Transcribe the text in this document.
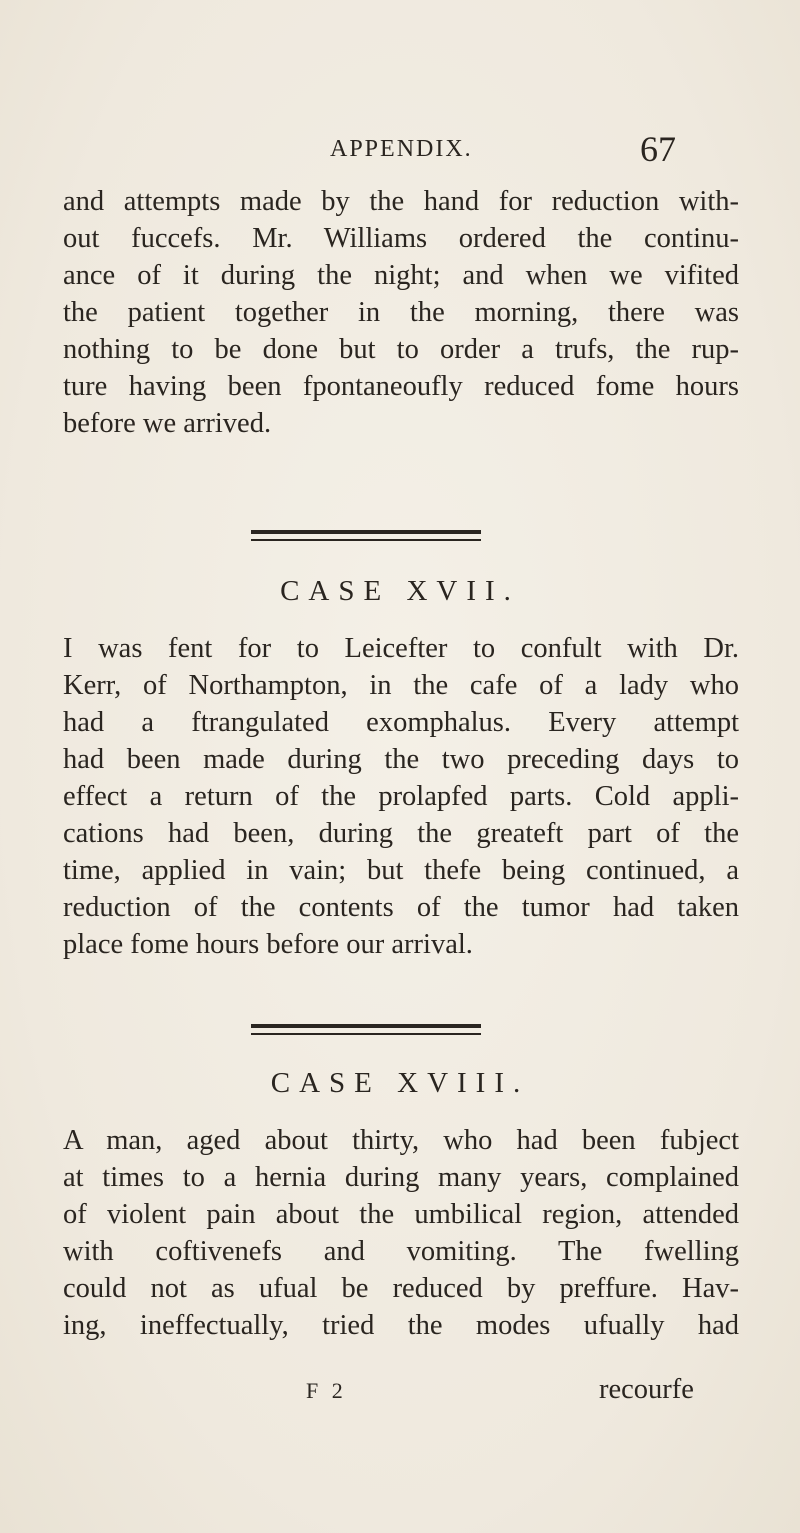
APPENDIX.	67
and attempts made by the hand for reduction with-
out fuccefs. Mr. Williams ordered the continu-
ance of it during the night; and when we vifited
the patient together in the morning, there was
nothing to be done but to order a trufs, the rup-
ture having been fpontaneoufly reduced fome hours
before we arrived.
CASE XVII.
I was fent for to Leicefter to confult with Dr.
Kerr, of Northampton, in the cafe of a lady who
had a ftrangulated exomphalus. Every attempt
had been made during the two preceding days to
effect a return of the prolapfed parts. Cold appli-
cations had been, during the greateft part of the
time, applied in vain; but thefe being continued, a
reduction of the contents of the tumor had taken
place fome hours before our arrival.
CASE XVIII.
A man, aged about thirty, who had been fubject
at times to a hernia during many years, complained
of violent pain about the umbilical region, attended
with coftivenefs and vomiting. The fwelling
could not as ufual be reduced by preffure. Hav-
ing, ineffectually, tried the modes ufually had
F 2	recourfe
